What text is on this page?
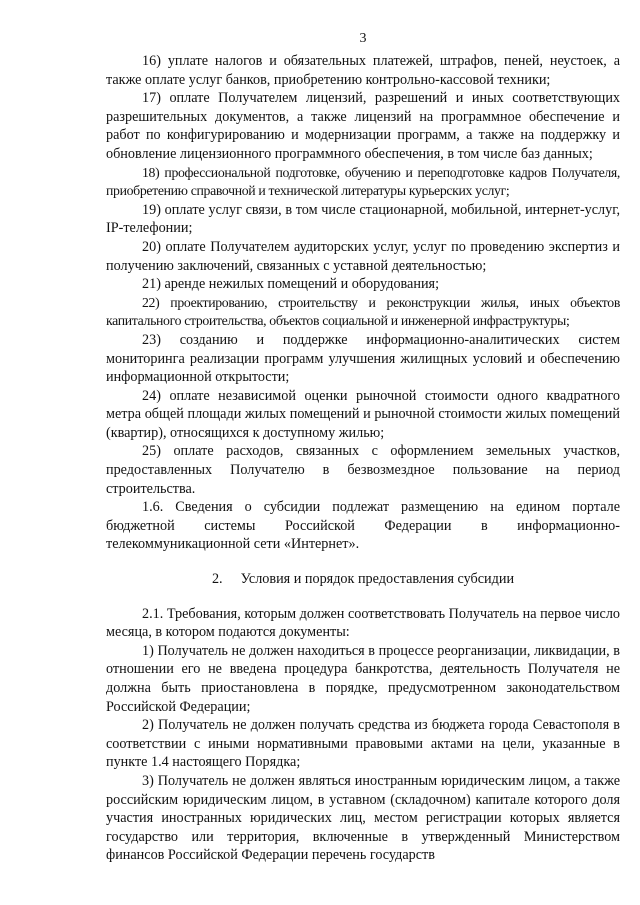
3

16) уплате налогов и обязательных платежей, штрафов, пеней, неустоек, а также оплате услуг банков, приобретению контрольно-кассовой техники;

17) оплате Получателем лицензий, разрешений и иных соответствующих разрешительных документов, а также лицензий на программное обеспечение и работ по конфигурированию и модернизации программ, а также на поддержку и обновление лицензионного программного обеспечения, в том числе баз данных;

18) профессиональной подготовке, обучению и переподготовке кадров Получателя, приобретению справочной и технической литературы курьерских услуг;

19) оплате услуг связи, в том числе стационарной, мобильной, интернет-услуг, IP-телефонии;

20) оплате Получателем аудиторских услуг, услуг по проведению экспертиз и получению заключений, связанных с уставной деятельностью;

21) аренде нежилых помещений и оборудования;

22) проектированию, строительству и реконструкции жилья, иных объектов капитального строительства, объектов социальной и инженерной инфраструктуры;

23) созданию и поддержке информационно-аналитических систем мониторинга реализации программ улучшения жилищных условий и обеспечению информационной открытости;

24) оплате независимой оценки рыночной стоимости одного квадратного метра общей площади жилых помещений и рыночной стоимости жилых помещений (квартир), относящихся к доступному жилью;

25) оплате расходов, связанных с оформлением земельных участков, предоставленных Получателю в безвозмездное пользование на период строительства.

1.6. Сведения о субсидии подлежат размещению на едином портале бюджетной системы Российской Федерации в информационно-телекоммуникационной сети «Интернет».

2. Условия и порядок предоставления субсидии

2.1. Требования, которым должен соответствовать Получатель на первое число месяца, в котором подаются документы:

1) Получатель не должен находиться в процессе реорганизации, ликвидации, в отношении его не введена процедура банкротства, деятельность Получателя не должна быть приостановлена в порядке, предусмотренном законодательством Российской Федерации;

2) Получатель не должен получать средства из бюджета города Севастополя в соответствии с иными нормативными правовыми актами на цели, указанные в пункте 1.4 настоящего Порядка;

3) Получатель не должен являться иностранным юридическим лицом, а также российским юридическим лицом, в уставном (складочном) капитале которого доля участия иностранных юридических лиц, местом регистрации которых является государство или территория, включенные в утвержденный Министерством финансов Российской Федерации перечень государств
